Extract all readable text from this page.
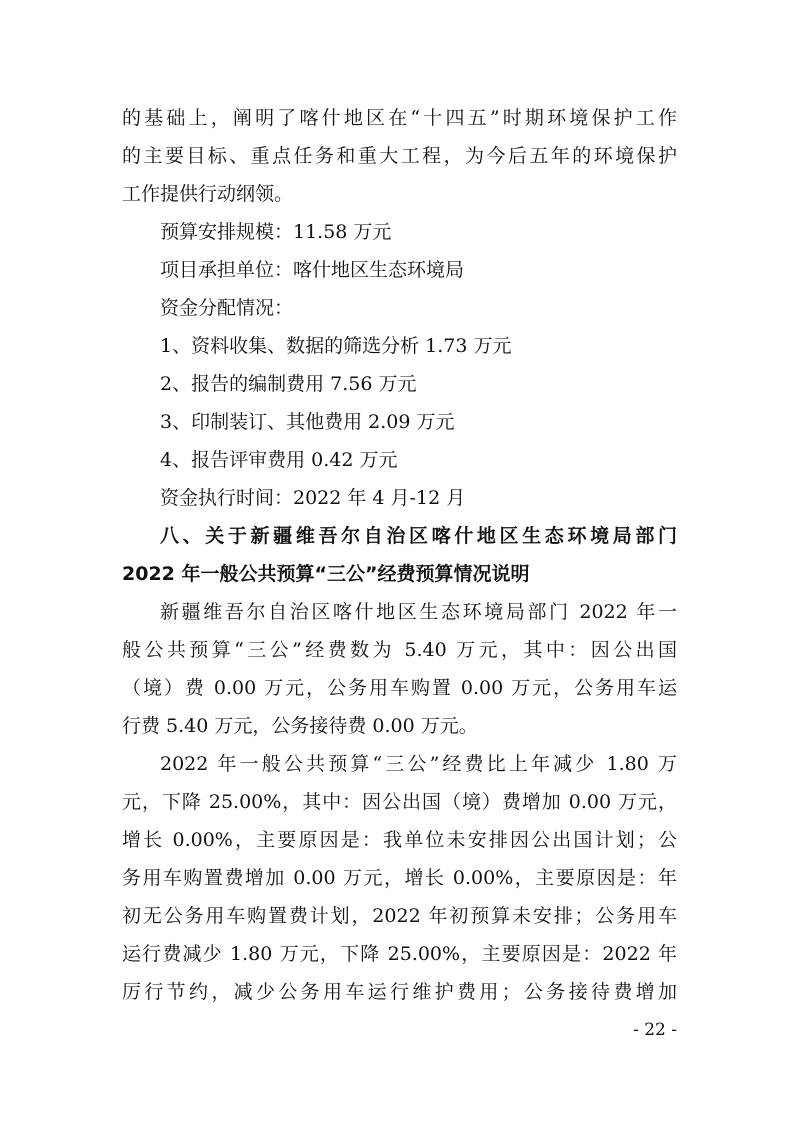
的基础上，阐明了喀什地区在“十四五”时期环境保护工作
的主要目标、重点任务和重大工程，为今后五年的环境保护
工作提供行动纲领。
预算安排规模：11.58 万元
项目承担单位：喀什地区生态环境局
资金分配情况：
1、资料收集、数据的筛选分析 1.73 万元
2、报告的编制费用 7.56 万元
3、印制装订、其他费用 2.09 万元
4、报告评审费用 0.42 万元
资金执行时间：2022 年 4 月-12 月
八、关于新疆维吾尔自治区喀什地区生态环境局部门
2022 年一般公共预算“三公”经费预算情况说明
新疆维吾尔自治区喀什地区生态环境局部门 2022 年一
般公共预算“三公”经费数为 5.40 万元，其中：因公出国
（境）费 0.00 万元，公务用车购置 0.00 万元，公务用车运
行费 5.40 万元，公务接待费 0.00 万元。
2022 年一般公共预算“三公”经费比上年减少 1.80 万
元，下降 25.00%，其中：因公出国（境）费增加 0.00 万元，
增长 0.00%，主要原因是：我单位未安排因公出国计划；公
务用车购置费增加 0.00 万元，增长 0.00%，主要原因是：年
初无公务用车购置费计划，2022 年初预算未安排；公务用车
运行费减少 1.80 万元，下降 25.00%，主要原因是：2022 年
厉行节约，减少公务用车运行维护费用；公务接待费增加
- 22 -
